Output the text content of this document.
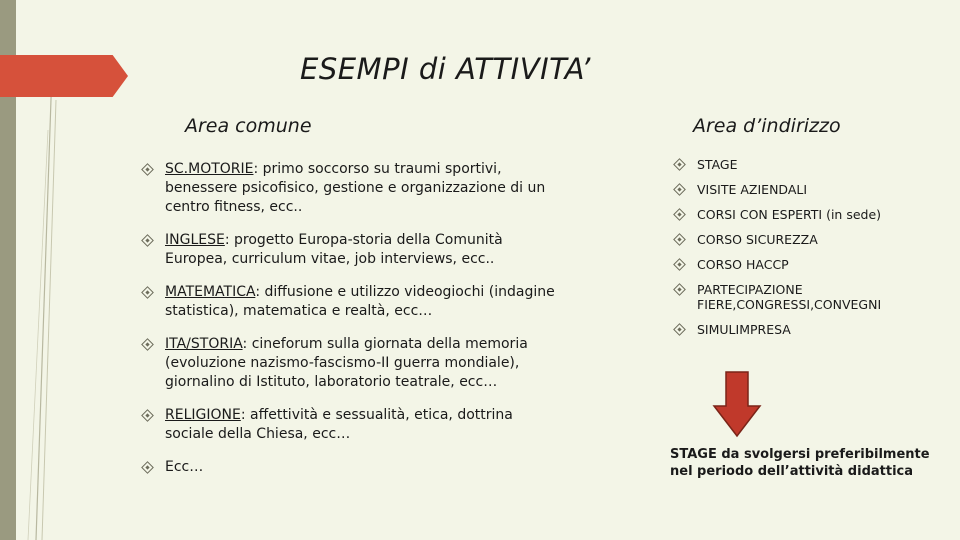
ESEMPI di ATTIVITA’
Area comune	Area d’indirizzo
SC.MOTORIE: primo soccorso su traumi sportivi, benessere psicofisico, gestione e organizzazione di un centro fitness, ecc..
INGLESE: progetto Europa-storia della Comunità Europea, curriculum vitae, job interviews, ecc..
MATEMATICA: diffusione e utilizzo videogiochi (indagine statistica), matematica e realtà, ecc…
ITA/STORIA: cineforum sulla giornata della memoria (evoluzione nazismo-fascismo-II guerra mondiale), giornalino di Istituto, laboratorio teatrale, ecc…
RELIGIONE: affettività e sessualità, etica, dottrina sociale della Chiesa, ecc…
Ecc…
STAGE
VISITE AZIENDALI
CORSI CON ESPERTI (in sede)
CORSO SICUREZZA
CORSO HACCP
PARTECIPAZIONE FIERE,CONGRESSI,CONVEGNI
SIMULIMPRESA
STAGE da svolgersi preferibilmente nel periodo dell’attività didattica
